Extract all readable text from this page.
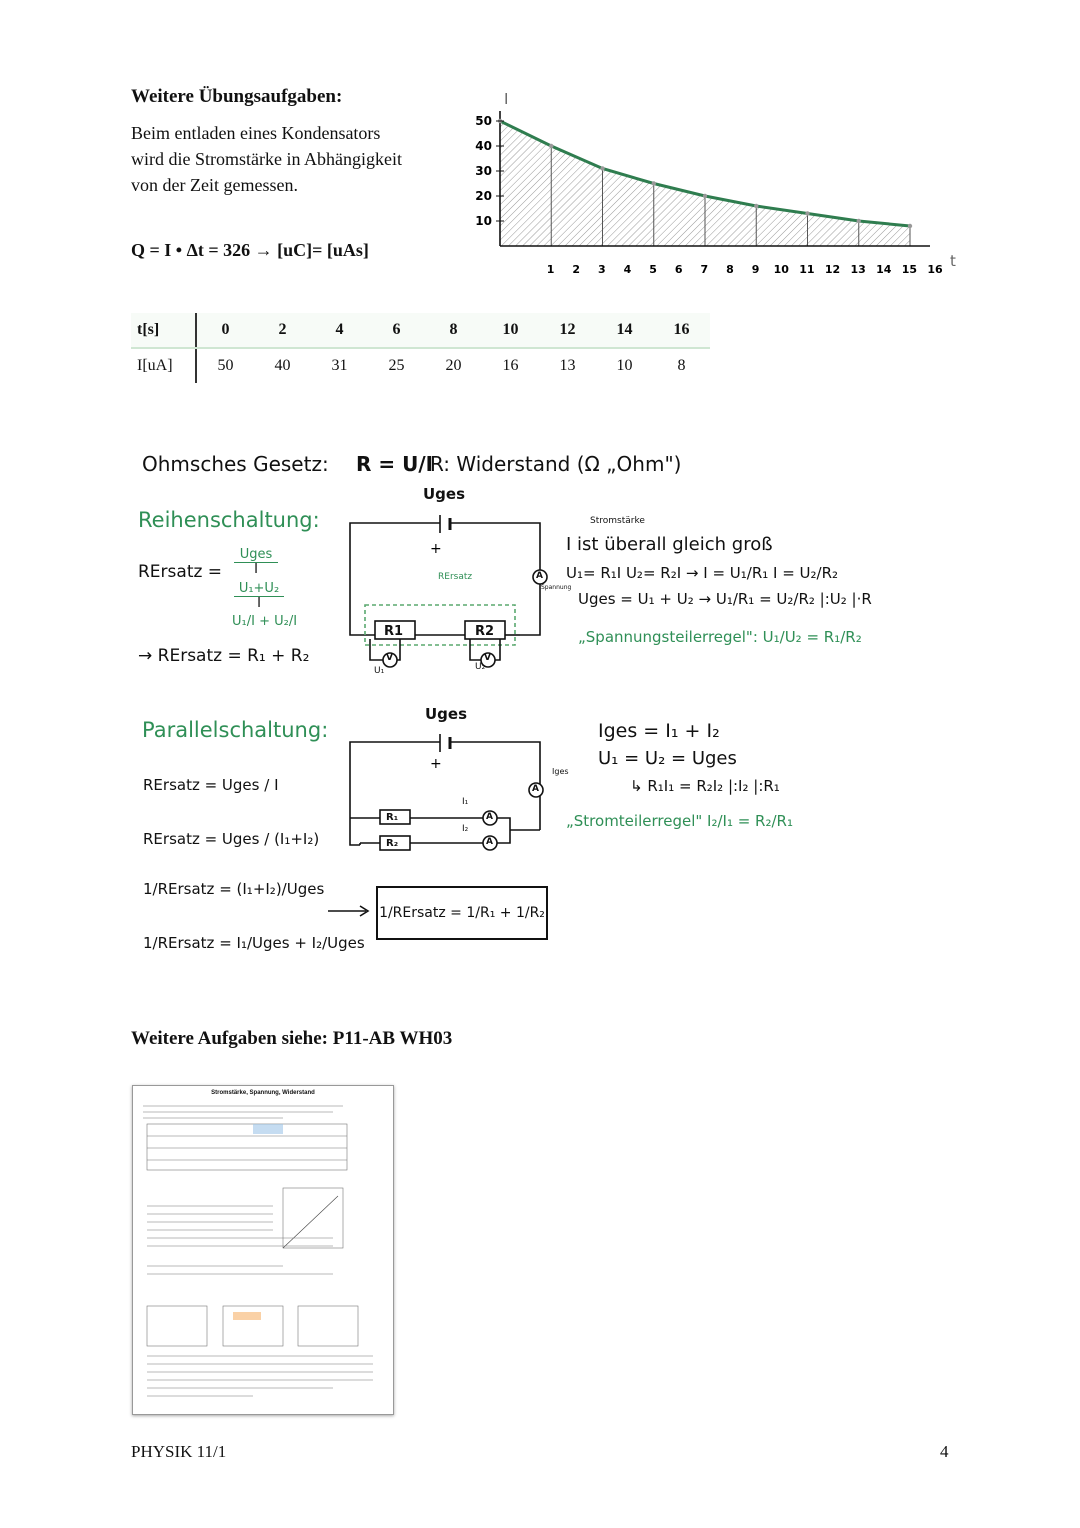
Weitere Übungsaufgaben:
Beim entladen eines Kondensators
wird die Stromstärke in Abhängigkeit
von der Zeit gemessen.
Q = I • Δt = 326 → [uC]= [uAs]
50
40
30
20
10
1 2 3 4 5 6 7 8 9 10 11 12 13 14 15 16
I
t
t[s]	0	2	4	6	8	10	12	14	16
I[uA]	50	40	31	25	20	16	13	10	8
Ohmsches Gesetz: R = U/I
R: Widerstand (Ω „Ohm")
Reihenschaltung:
RErsatz =
Uges
I
$\frac{\text{U₁+U₂}}{I}$
U₁/I + U₂/I
→ RErsatz = R₁ + R₂
+
Uges
RErsatz
R1	R2
V	V
U₁	U₂
A
Spannung
Stromstärke
I ist überall gleich groß
U₁= R₁I U₂= R₂I → I = U₁/R₁ I = U₂/R₂
Uges = U₁ + U₂ → U₁/R₁ = U₂/R₂ |:U₂ |·R
„Spannungsteilerregel": U₁/U₂ = R₁/R₂
Parallelschaltung:
RErsatz = Uges / I
RErsatz = Uges / (I₁+I₂)
1/RErsatz = (I₁+I₂)/Uges
1/RErsatz = I₁/Uges + I₂/Uges
+
Uges
R₁
R₂
I₁
I₂
A
A
A
Iges
1/RErsatz = 1/R₁ + 1/R₂
Iges = I₁ + I₂
U₁ = U₂ = Uges
↳ R₁I₁ = R₂I₂ |:I₂ |:R₁
„Stromteilerregel" I₂/I₁ = R₂/R₁
Weitere Aufgaben siehe: P11-AB WH03
Stromstärke, Spannung, Widerstand
PHYSIK 11/1	4
